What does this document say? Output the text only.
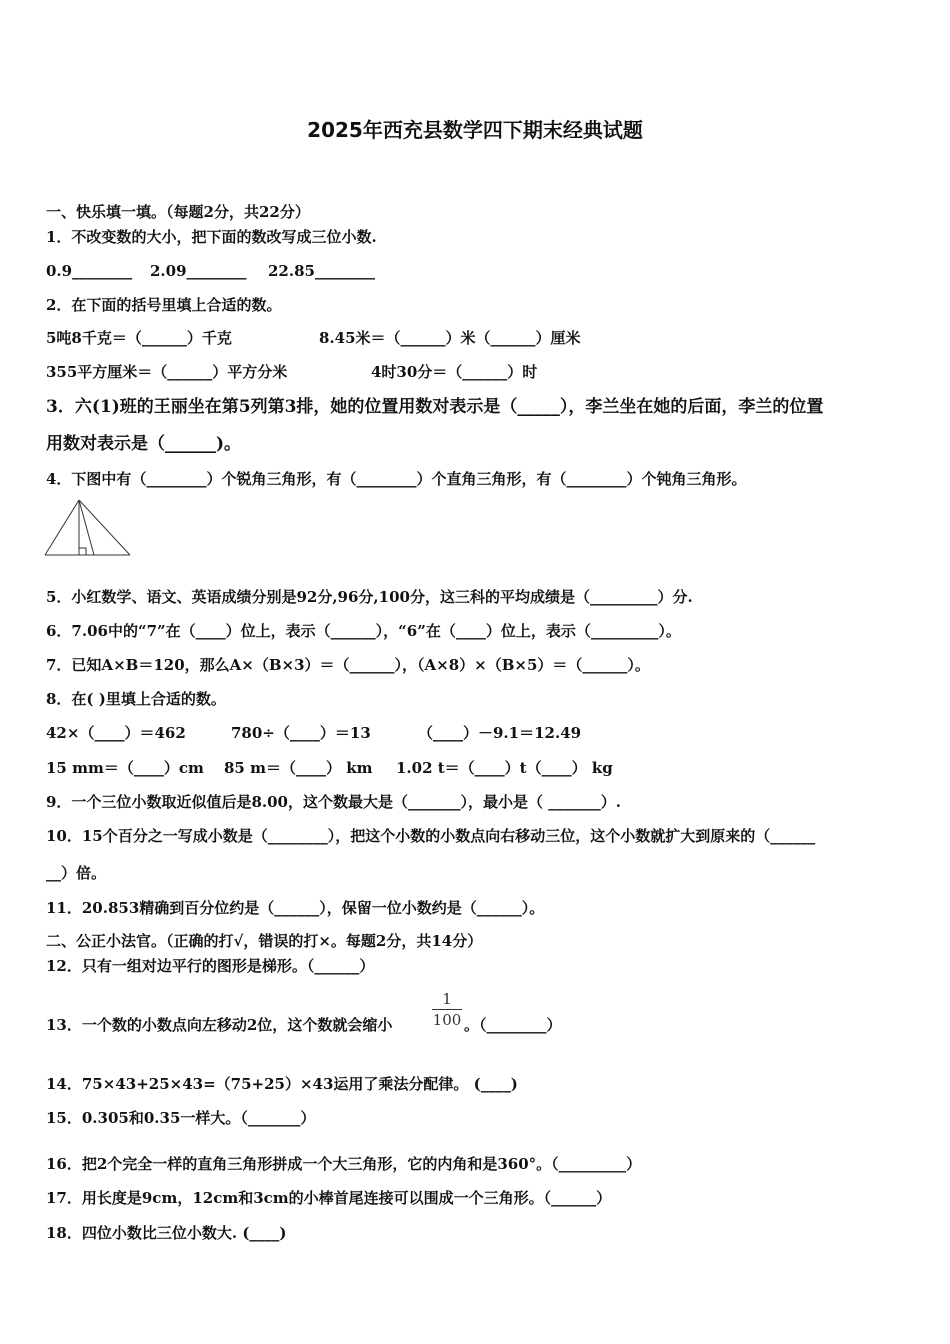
2025年西充县数学四下期末经典试题
一、快乐填一填。（每题2分，共22分）
1．不改变数的大小，把下面的数改写成三位小数.
0.9________ 2.09________ 22.85________
2．在下面的括号里填上合适的数。
5吨8千克＝（______）千克	8.45米＝（______）米（______）厘米
355平方厘米＝（______）平方分米	4时30分＝（______）时
3．六(1)班的王丽坐在第5列第3排，她的位置用数对表示是（_____），李兰坐在她的后面，李兰的位置
用数对表示是（______)。
4．下图中有（________）个锐角三角形，有（________）个直角三角形，有（________）个钝角三角形。
5．小红数学、语文、英语成绩分别是92分,96分,100分，这三科的平均成绩是（_________）分.
6．7.06中的“7”在（____）位上，表示（______），“6”在（____）位上，表示（_________）。
7．已知A×B＝120，那么A×（B×3）＝（______），（A×8）×（B×5）＝（______）。
8．在( )里填上合适的数。
42×（____）＝462	780÷（____）＝13	（____）－9.1＝12.49
15 mm＝（____）cm 85 m＝（____） km 1.02 t＝（____）t（____） kg
9．一个三位小数取近似值后是8.00，这个数最大是（_______），最小是（ _______）.
10．15个百分之一写成小数是（________），把这个小数的小数点向右移动三位，这个小数就扩大到原来的（______
__）倍。
11．20.853精确到百分位约是（______），保留一位小数约是（______）。
二、公正小法官。（正确的打√，错误的打×。每题2分，共14分）
12．只有一组对边平行的图形是梯形。（______）
13．一个数的小数点向左移动2位，这个数就会缩小
1
100 。（________）
14．75×43+25×43=（75+25）×43运用了乘法分配律。 (____)
15．0.305和0.35一样大。（_______）
16．把2个完全一样的直角三角形拼成一个大三角形，它的内角和是360°。（_________）
17．用长度是9cm，12cm和3cm的小棒首尾连接可以围成一个三角形。（______）
18．四位小数比三位小数大. (____)
